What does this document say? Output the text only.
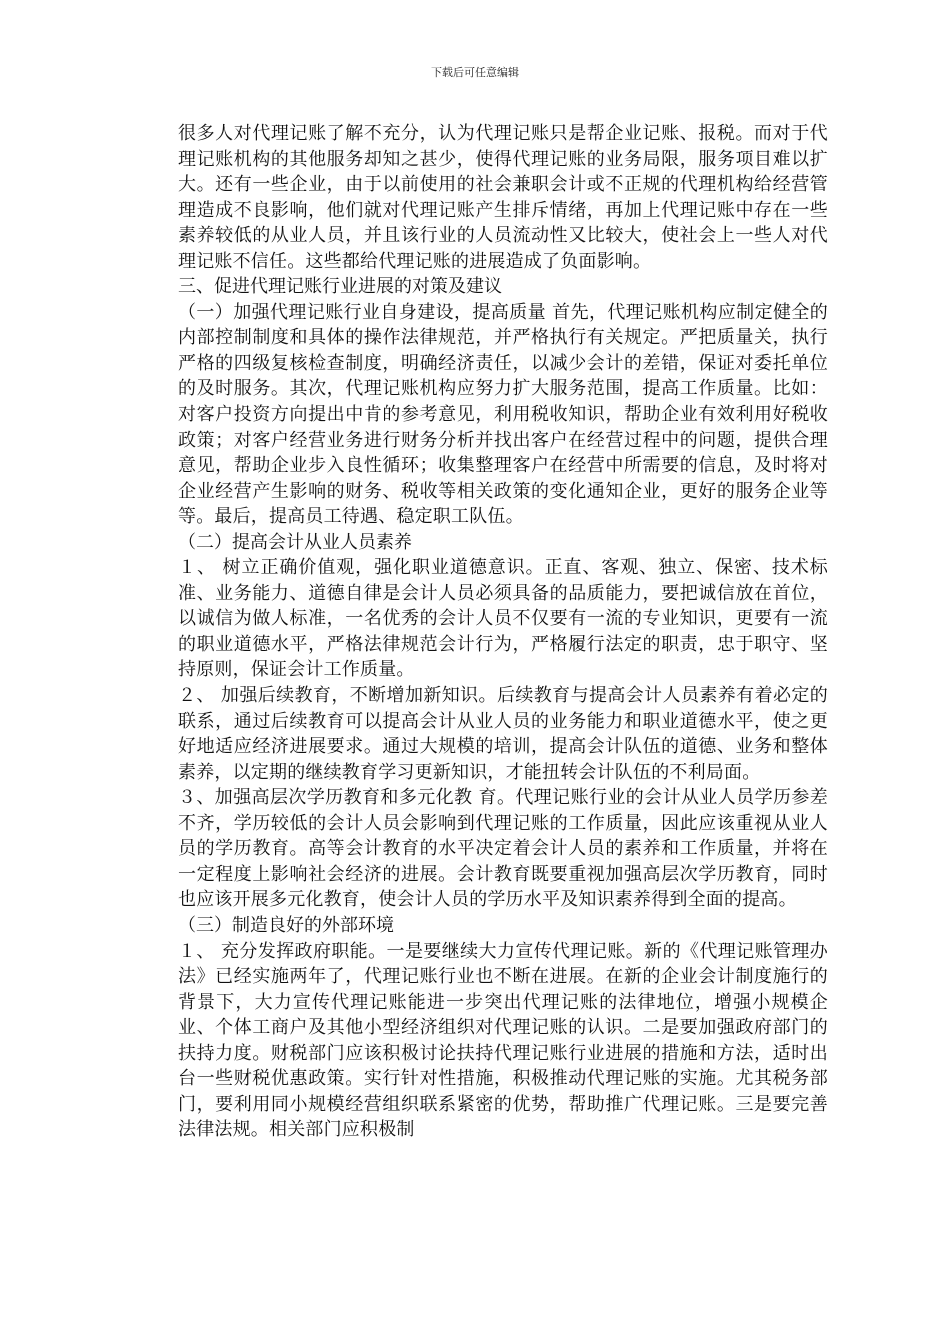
下载后可任意编辑

很多人对代理记账了解不充分，认为代理记账只是帮企业记账、报税。而对于代理记账机构的其他服务却知之甚少，使得代理记账的业务局限，服务项目难以扩大。还有一些企业，由于以前使用的社会兼职会计或不正规的代理机构给经营管理造成不良影响，他们就对代理记账产生排斥情绪，再加上代理记账中存在一些素养较低的从业人员，并且该行业的人员流动性又比较大，使社会上一些人对代理记账不信任。这些都给代理记账的进展造成了负面影响。

三、促进代理记账行业进展的对策及建议

（一）加强代理记账行业自身建设，提高质量 首先，代理记账机构应制定健全的内部控制制度和具体的操作法律规范，并严格执行有关规定。严把质量关，执行严格的四级复核检查制度，明确经济责任，以减少会计的差错，保证对委托单位的及时服务。其次，代理记账机构应努力扩大服务范围，提高工作质量。比如：对客户投资方向提出中肯的参考意见，利用税收知识，帮助企业有效利用好税收政策；对客户经营业务进行财务分析并找出客户在经营过程中的问题，提供合理意见，帮助企业步入良性循环；收集整理客户在经营中所需要的信息，及时将对企业经营产生影响的财务、税收等相关政策的变化通知企业，更好的服务企业等等。最后，提高员工待遇、稳定职工队伍。

（二）提高会计从业人员素养

１、 树立正确价值观，强化职业道德意识。正直、客观、独立、保密、技术标准、业务能力、道德自律是会计人员必须具备的品质能力，要把诚信放在首位，以诚信为做人标准，一名优秀的会计人员不仅要有一流的专业知识，更要有一流的职业道德水平，严格法律规范会计行为，严格履行法定的职责，忠于职守、坚持原则，保证会计工作质量。

２、 加强后续教育，不断增加新知识。后续教育与提高会计人员素养有着必定的联系，通过后续教育可以提高会计从业人员的业务能力和职业道德水平，使之更好地适应经济进展要求。通过大规模的培训，提高会计队伍的道德、业务和整体素养，以定期的继续教育学习更新知识，才能扭转会计队伍的不利局面。

３、加强高层次学历教育和多元化教 育。代理记账行业的会计从业人员学历参差不齐，学历较低的会计人员会影响到代理记账的工作质量，因此应该重视从业人员的学历教育。高等会计教育的水平决定着会计人员的素养和工作质量，并将在一定程度上影响社会经济的进展。会计教育既要重视加强高层次学历教育，同时也应该开展多元化教育，使会计人员的学历水平及知识素养得到全面的提高。

（三）制造良好的外部环境

１、 充分发挥政府职能。一是要继续大力宣传代理记账。新的《代理记账管理办法》已经实施两年了，代理记账行业也不断在进展。在新的企业会计制度施行的背景下，大力宣传代理记账能进一步突出代理记账的法律地位，增强小规模企业、个体工商户及其他小型经济组织对代理记账的认识。二是要加强政府部门的扶持力度。财税部门应该积极讨论扶持代理记账行业进展的措施和方法，适时出台一些财税优惠政策。实行针对性措施，积极推动代理记账的实施。尤其税务部门，要利用同小规模经营组织联系紧密的优势，帮助推广代理记账。三是要完善法律法规。相关部门应积极制
